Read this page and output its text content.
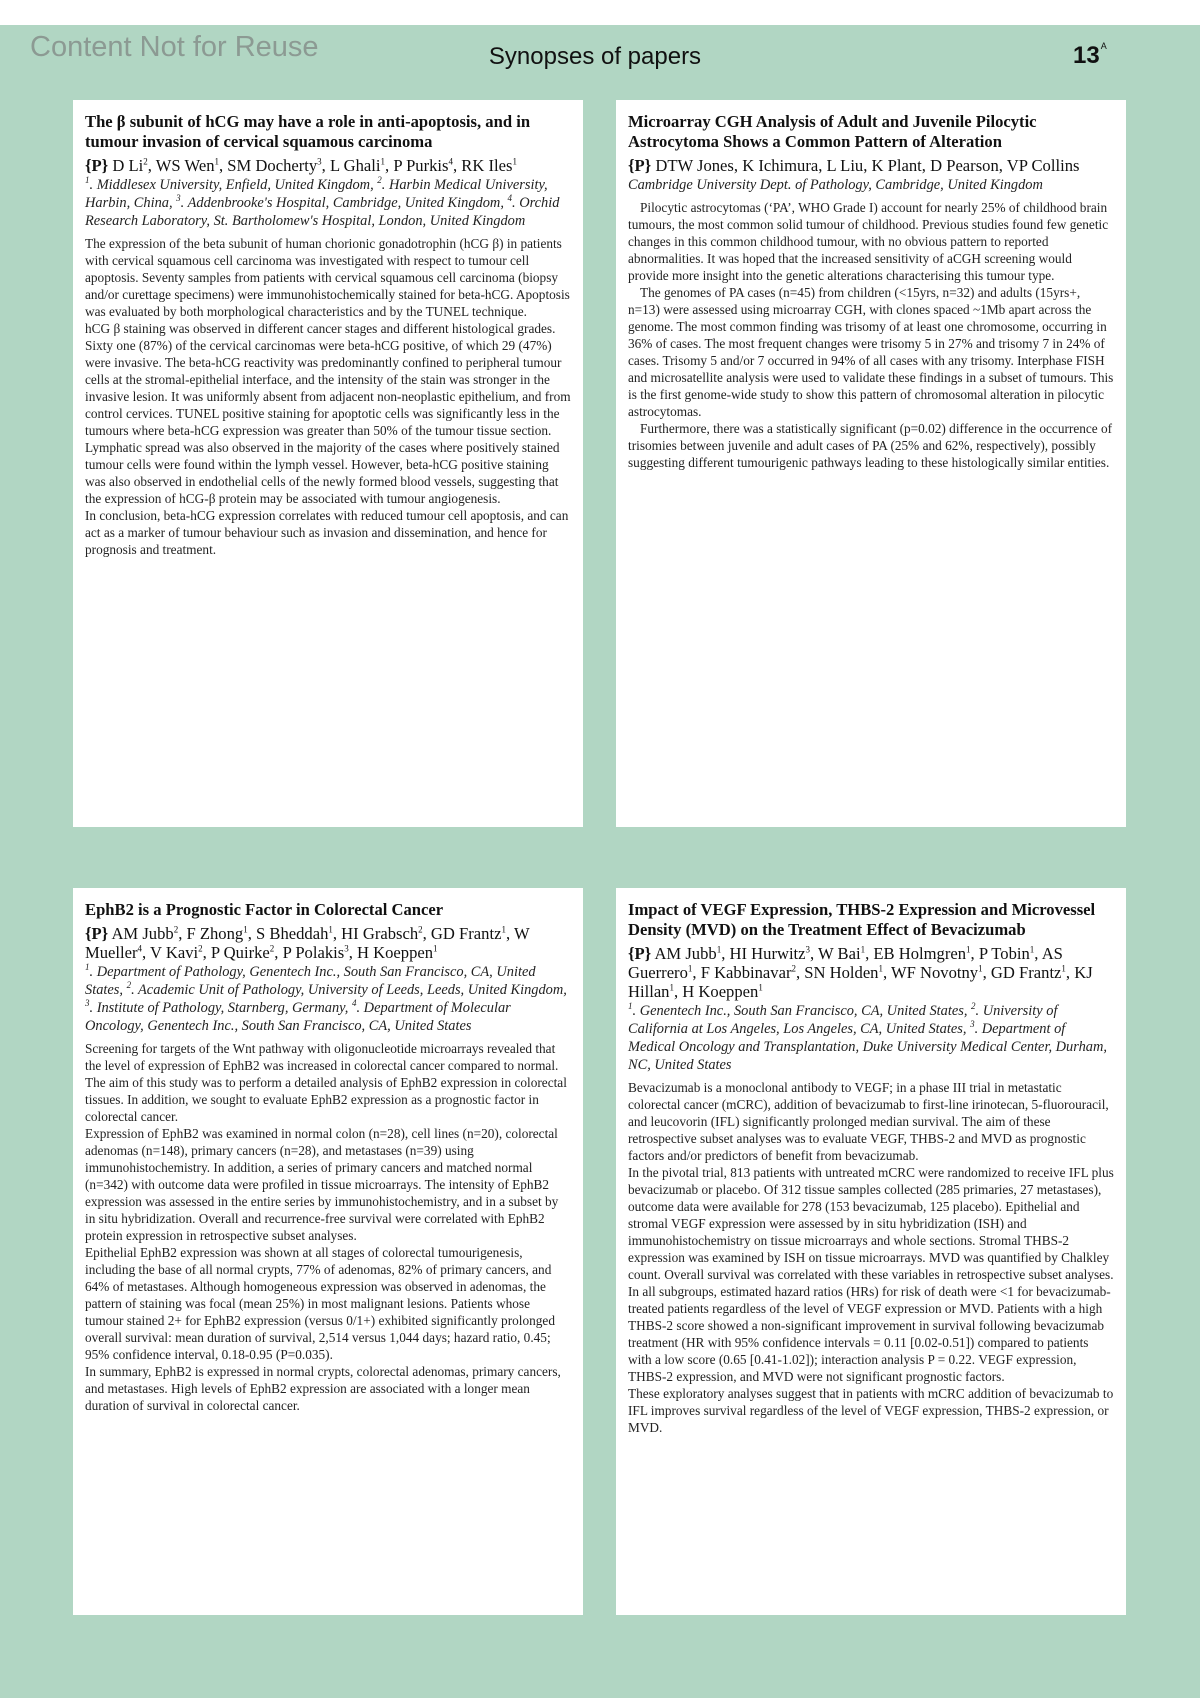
Content Not for Reuse	Synopses of papers	$13^A$
The β subunit of hCG may have a role in anti-apoptosis, and in tumour invasion of cervical squamous carcinoma
{P} D Li$^2$, WS Wen$^1$, SM Docherty$^3$, L Ghali$^1$, P Purkis$^4$, RK Iles$^1$
$^1$. Middlesex University, Enfield, United Kingdom, $^2$. Harbin Medical University, Harbin, China, $^3$. Addenbrooke's Hospital, Cambridge, United Kingdom, $^4$. Orchid Research Laboratory, St. Bartholomew's Hospital, London, United Kingdom

The expression of the beta subunit of human chorionic gonadotrophin (hCG β) in patients with cervical squamous cell carcinoma was investigated with respect to tumour cell apoptosis. Seventy samples from patients with cervical squamous cell carcinoma (biopsy and/or curettage specimens) were immunohistochemically stained for beta-hCG. Apoptosis was evaluated by both morphological characteristics and by the TUNEL technique.

hCG β staining was observed in different cancer stages and different histological grades. Sixty one (87%) of the cervical carcinomas were beta-hCG positive, of which 29 (47%) were invasive. The beta-hCG reactivity was predominantly confined to peripheral tumour cells at the stromal-epithelial interface, and the intensity of the stain was stronger in the invasive lesion. It was uniformly absent from adjacent non-neoplastic epithelium, and from control cervices. TUNEL positive staining for apoptotic cells was significantly less in the tumours where beta-hCG expression was greater than 50% of the tumour tissue section.

Lymphatic spread was also observed in the majority of the cases where positively stained tumour cells were found within the lymph vessel. However, beta-hCG positive staining was also observed in endothelial cells of the newly formed blood vessels, suggesting that the expression of hCG-β protein may be associated with tumour angiogenesis.

In conclusion, beta-hCG expression correlates with reduced tumour cell apoptosis, and can act as a marker of tumour behaviour such as invasion and dissemination, and hence for prognosis and treatment.

Microarray CGH Analysis of Adult and Juvenile Pilocytic Astrocytoma Shows a Common Pattern of Alteration
{P} DTW Jones, K Ichimura, L Liu, K Plant, D Pearson, VP Collins
Cambridge University Dept. of Pathology, Cambridge, United Kingdom

Pilocytic astrocytomas (‘PA’, WHO Grade I) account for nearly 25% of childhood brain tumours, the most common solid tumour of childhood. Previous studies found few genetic changes in this common childhood tumour, with no obvious pattern to reported abnormalities. It was hoped that the increased sensitivity of aCGH screening would provide more insight into the genetic alterations characterising this tumour type.

The genomes of PA cases (n=45) from children (<15yrs, n=32) and adults (15yrs+, n=13) were assessed using microarray CGH, with clones spaced ~1Mb apart across the genome. The most common finding was trisomy of at least one chromosome, occurring in 36% of cases. The most frequent changes were trisomy 5 in 27% and trisomy 7 in 24% of cases. Trisomy 5 and/or 7 occurred in 94% of all cases with any trisomy. Interphase FISH and microsatellite analysis were used to validate these findings in a subset of tumours. This is the first genome-wide study to show this pattern of chromosomal alteration in pilocytic astrocytomas.

Furthermore, there was a statistically significant (p=0.02) difference in the occurrence of trisomies between juvenile and adult cases of PA (25% and 62%, respectively), possibly suggesting different tumourigenic pathways leading to these histologically similar entities.

EphB2 is a Prognostic Factor in Colorectal Cancer
{P} AM Jubb$^2$, F Zhong$^1$, S Bheddah$^1$, HI Grabsch$^2$, GD Frantz$^1$, W Mueller$^4$, V Kavi$^2$, P Quirke$^2$, P Polakis$^3$, H Koeppen$^1$
$^1$. Department of Pathology, Genentech Inc., South San Francisco, CA, United States, $^2$. Academic Unit of Pathology, University of Leeds, Leeds, United Kingdom, $^3$. Institute of Pathology, Starnberg, Germany, $^4$. Department of Molecular Oncology, Genentech Inc., South San Francisco, CA, United States

Screening for targets of the Wnt pathway with oligonucleotide microarrays revealed that the level of expression of EphB2 was increased in colorectal cancer compared to normal. The aim of this study was to perform a detailed analysis of EphB2 expression in colorectal tissues. In addition, we sought to evaluate EphB2 expression as a prognostic factor in colorectal cancer.

Expression of EphB2 was examined in normal colon (n=28), cell lines (n=20), colorectal adenomas (n=148), primary cancers (n=28), and metastases (n=39) using immunohistochemistry. In addition, a series of primary cancers and matched normal (n=342) with outcome data were profiled in tissue microarrays. The intensity of EphB2 expression was assessed in the entire series by immunohistochemistry, and in a subset by in situ hybridization. Overall and recurrence-free survival were correlated with EphB2 protein expression in retrospective subset analyses.

Epithelial EphB2 expression was shown at all stages of colorectal tumourigenesis, including the base of all normal crypts, 77% of adenomas, 82% of primary cancers, and 64% of metastases. Although homogeneous expression was observed in adenomas, the pattern of staining was focal (mean 25%) in most malignant lesions. Patients whose tumour stained 2+ for EphB2 expression (versus 0/1+) exhibited significantly prolonged overall survival: mean duration of survival, 2,514 versus 1,044 days; hazard ratio, 0.45; 95% confidence interval, 0.18-0.95 (P=0.035).

In summary, EphB2 is expressed in normal crypts, colorectal adenomas, primary cancers, and metastases. High levels of EphB2 expression are associated with a longer mean duration of survival in colorectal cancer.

Impact of VEGF Expression, THBS-2 Expression and Microvessel Density (MVD) on the Treatment Effect of Bevacizumab
{P} AM Jubb$^1$, HI Hurwitz$^3$, W Bai$^1$, EB Holmgren$^1$, P Tobin$^1$, AS Guerrero$^1$, F Kabbinavar$^2$, SN Holden$^1$, WF Novotny$^1$, GD Frantz$^1$, KJ Hillan$^1$, H Koeppen$^1$
$^1$. Genentech Inc., South San Francisco, CA, United States, $^2$. University of California at Los Angeles, Los Angeles, CA, United States, $^3$. Department of Medical Oncology and Transplantation, Duke University Medical Center, Durham, NC, United States

Bevacizumab is a monoclonal antibody to VEGF; in a phase III trial in metastatic colorectal cancer (mCRC), addition of bevacizumab to first-line irinotecan, 5-fluorouracil, and leucovorin (IFL) significantly prolonged median survival. The aim of these retrospective subset analyses was to evaluate VEGF, THBS-2 and MVD as prognostic factors and/or predictors of benefit from bevacizumab.

In the pivotal trial, 813 patients with untreated mCRC were randomized to receive IFL plus bevacizumab or placebo. Of 312 tissue samples collected (285 primaries, 27 metastases), outcome data were available for 278 (153 bevacizumab, 125 placebo). Epithelial and stromal VEGF expression were assessed by in situ hybridization (ISH) and immunohistochemistry on tissue microarrays and whole sections. Stromal THBS-2 expression was examined by ISH on tissue microarrays. MVD was quantified by Chalkley count. Overall survival was correlated with these variables in retrospective subset analyses.

In all subgroups, estimated hazard ratios (HRs) for risk of death were <1 for bevacizumab-treated patients regardless of the level of VEGF expression or MVD. Patients with a high THBS-2 score showed a non-significant improvement in survival following bevacizumab treatment (HR with 95% confidence intervals = 0.11 [0.02-0.51]) compared to patients with a low score (0.65 [0.41-1.02]); interaction analysis P = 0.22. VEGF expression, THBS-2 expression, and MVD were not significant prognostic factors.

These exploratory analyses suggest that in patients with mCRC addition of bevacizumab to IFL improves survival regardless of the level of VEGF expression, THBS-2 expression, or MVD.
